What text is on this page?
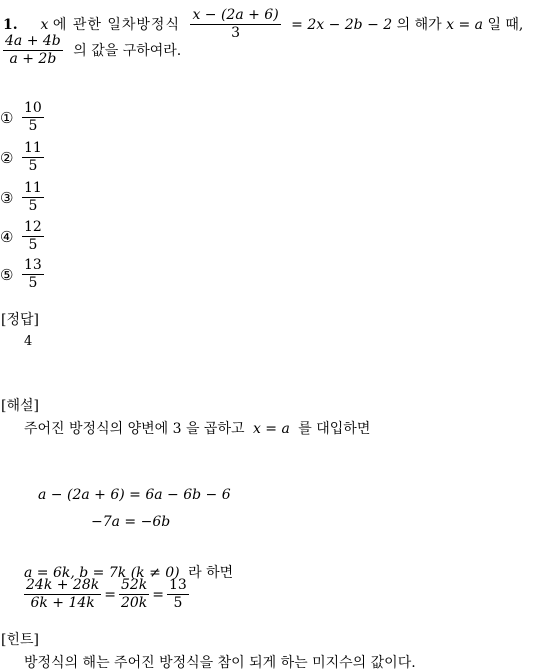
1. x 에 관한 일차방정식 $\frac{x - (2a + 6)}{3} = 2x - 2b - 2$ 의 해가 x = a 일 때,
$\frac{4a + 4b}{a + 2b}$ 의 값을 구하여라.
① $\frac{10}{5}$
② $\frac{11}{5}$
③ $\frac{11}{5}$
④ $\frac{12}{5}$
⑤ $\frac{13}{5}$
[정답]
4
[해설]
주어진 방정식의 양변에 3 을 곱하고 x = a 를 대입하면
a − (2a + 6) = 6a − 6b − 6
−7a = −6b
a = 6k, b = 7k (k ≠ 0) 라 하면
$\frac{24k + 28k}{6k + 14k} = \frac{52k}{20k} = \frac{13}{5}$
[힌트]
방정식의 해는 주어진 방정식을 참이 되게 하는 미지수의 값이다.
